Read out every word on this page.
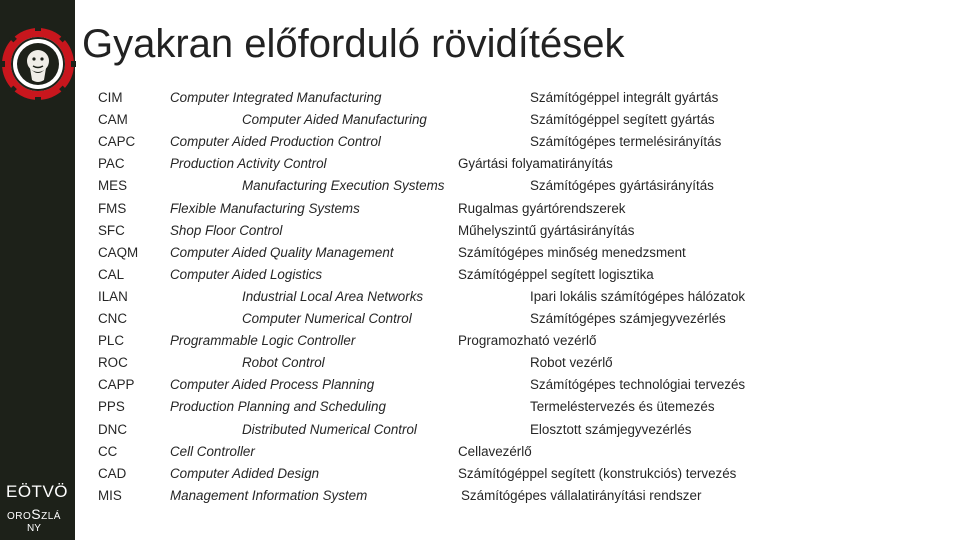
EÖTVÖ
OROSZLÁ
NY
Gyakran előforduló rövidítések
CIM	Computer Integrated Manufacturing	Számítógéppel integrált gyártás
CAM	Computer Aided Manufacturing	Számítógéppel segített gyártás
CAPC	Computer Aided Production Control	Számítógépes termelésirányítás
PAC	Production Activity Control	Gyártási folyamatirányítás
MES	Manufacturing Execution Systems	Számítógépes gyártásirányítás
FMS	Flexible Manufacturing Systems	Rugalmas gyártórendszerek
SFC	Shop Floor Control	Műhelyszintű gyártásirányítás
CAQM Computer Aided Quality Management	Számítógépes minőség menedzsment
CAL	Computer Aided Logistics	Számítógéppel segített logisztika
ILAN	Industrial Local Area Networks	Ipari lokális számítógépes hálózatok
CNC	Computer Numerical Control	Számítógépes számjegyvezérlés
PLC	Programmable Logic Controller	Programozható vezérlő
ROC	Robot Control	Robot vezérlő
CAPP	Computer Aided Process Planning	Számítógépes technológiai tervezés
PPS	Production Planning and Scheduling	Termeléstervezés és ütemezés
DNC	Distributed Numerical Control	Elosztott számjegyvezérlés
CC	Cell Controller	Cellavezérlő
CAD	Computer Adided Design	Számítógéppel segített (konstrukciós) tervezés
MIS	Management Information System	Számítógépes vállalatirányítási rendszer
